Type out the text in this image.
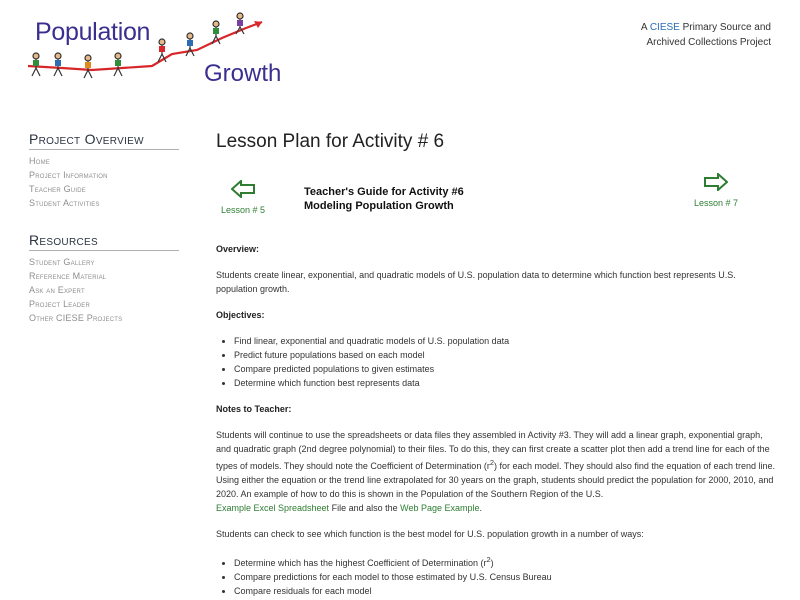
Population
Growth
A CIESE Primary Source and
Archived Collections Project
Project Overview
Home
Project Information
Teacher Guide
Student Activities
Resources
Student Gallery
Reference Material
Ask an Expert
Project Leader
Other CIESE Projects
Lesson Plan for Activity # 6
Lesson # 5
Teacher's Guide for Activity #6
Modeling Population Growth	Lesson # 7

Overview:

Students create linear, exponential, and quadratic models of U.S. population data to determine which function best represents U.S. population growth.

Objectives:

• Find linear, exponential and quadratic models of U.S. population data
• Predict future populations based on each model
• Compare predicted populations to given estimates
• Determine which function best represents data

Notes to Teacher:

Students will continue to use the spreadsheets or data files they assembled in Activity #3. They will add a linear graph, exponential graph, and quadratic graph (2nd degree polynomial) to their files. To do this, they can first create a scatter plot then add a trend line for each of the types of models. They should note the Coefficient of Determination $(r^2)$ for each model. They should also find the equation of each trend line. Using either the equation or the trend line extrapolated for 30 years on the graph, students should predict the population for 2000, 2010, and 2020. An example of how to do this is shown in the Population of the Southern Region of the U.S.
Example Excel Spreadsheet File and also the Web Page Example.

Students can check to see which function is the best model for U.S. population growth in a number of ways:

• Determine which has the highest Coefficient of Determination $(r^2)$
• Compare predictions for each model to those estimated by U.S. Census Bureau
• Compare residuals for each model
